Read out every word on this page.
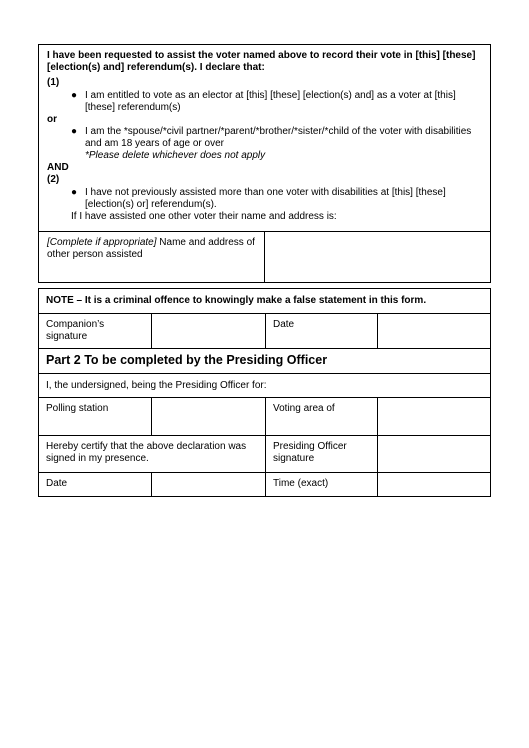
I have been requested to assist the voter named above to record their vote in [this] [these] [election(s) and] referendum(s). I declare that:
(1)
● I am entitled to vote as an elector at [this] [these] [election(s) and] as a voter at [this] [these] referendum(s)
or
● I am the *spouse/*civil partner/*parent/*brother/*sister/*child of the voter with disabilities and am 18 years of age or over
*Please delete whichever does not apply
AND
(2)
● I have not previously assisted more than one voter with disabilities at [this] [these] [election(s) or] referendum(s).
If I have assisted one other voter their name and address is:
[Complete if appropriate] Name and address of other person assisted
NOTE – It is a criminal offence to knowingly make a false statement in this form.
Companion’s signature
Date
Part 2 To be completed by the Presiding Officer
I, the undersigned, being the Presiding Officer for:
Polling station	Voting area of
Hereby certify that the above declaration was signed in my presence.
Presiding Officer signature
Date	Time (exact)
